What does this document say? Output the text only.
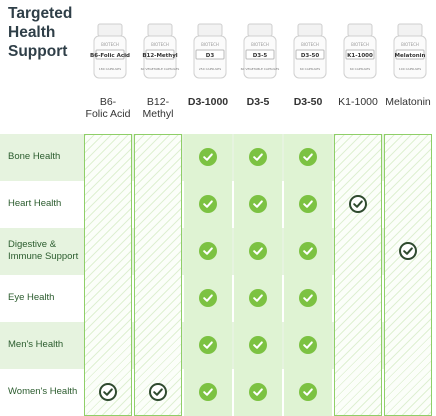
Targeted Health Support	BIOTECH
B6-Folic Acid
180 CAPSULES
B6-
Folic Acid
BIOTECH
B12-Methyl
60 VEGETABLE CAPSULES
B12-
Methyl
BIOTECH
D3
250 CAPSULES
D3-1000
BIOTECH
D3-5
60 VEGETABLE CAPSULES
D3-5
BIOTECH
D3-50
60 CAPSULES
D3-50
BIOTECH
K1-1000
60 CAPSULES
K1-1000
BIOTECH
Melatonin
100 CAPSULES
Melatonin
Bone Health
Heart Health
Digestive &
Immune Support
Eye Health
Men's Health
Women's Health
